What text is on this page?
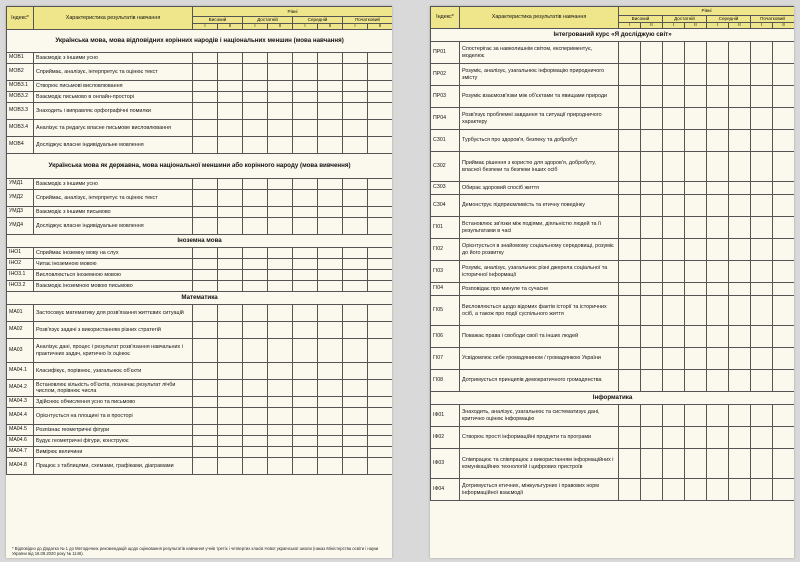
Індекс*	Характеристика результатів навчання	Рівні							
		Високий		Достатній		Середній		Початковий	
		I	II	I	II	I	II	I	II
Українська мова, мова відповідних корінних народів і національних меншин (мова навчання)									
МОВ1	Взаємодіє з іншими усно								
МОВ2	Сприймає, аналізує, інтерпретує та оцінює текст								
МОВ3.1	Створює письмові висловлювання								
МОВ3.2	Взаємодіє письмово в онлайн-просторі								
МОВ3.3	Знаходить і виправляє орфографічні помилки								
МОВ3.4	Аналізує та редагує власне письмове висловлювання								
МОВ4	Досліджує власне індивідуальне мовлення								
Українська мова як державна, мова національної меншини або корінного народу (мова вивчення)									
УМД1	Взаємодіє з іншими усно								
УМД2	Сприймає, аналізує, інтерпретує та оцінює текст								
УМД3	Взаємодіє з іншими письмово								
УМД4	Досліджує власне індивідуальне мовлення								
Іноземна мова									
ІНО1	Сприймає іноземну мову на слух								
ІНО2	Читає іноземною мовою								
ІНО3.1	Висловлюється іноземною мовою								
ІНО3.2	Взаємодіє іноземною мовою письмово								
Математика									
МА01	Застосовує математику для розв'язання життєвих ситуацій								
МА02	Розв'язує задачі з використанням різних стратегій								
МА03	Аналізує дані, процес і результат розв'язання навчальних і практичних задач, критично їх оцінює								
МА04.1	Класифікує, порівнює, узагальнює об'єкти								
МА04.2	Встановлює кількість об'єктів, позначає результат лічби числом, порівнює числа								
МА04.3	Здійснює обчислення усно та письмово								
МА04.4	Орієнтується на площині та в просторі								
МА04.5	Розпізнає геометричні фігури								
МА04.6	Будує геометричні фігури, конструює								
МА04.7	Вимірює величини								
МА04.8	Працює з таблицями, схемами, графіками, діаграмами								
* Відповідно до Додатка № 1 до Методичних рекомендацій щодо оцінювання результатів навчання учнів третіх і четвертих класів Нової української школи (наказ Міністерства освіти і науки України від 16.09.2020 року № 1146).
Індекс*	Характеристика результатів навчання	Рівні							
		Високий		Достатній		Середній		Початковий	
		I	II	I	II	I	II	I	II
Інтегрований курс «Я досліджую світ»									
ПР01	Спостерігає за навколишнім світом, експериментує, моделює								
ПР02	Розуміє, аналізує, узагальнює інформацію природничого змісту								
ПР03	Розуміє взаємозв'язки між об'єктами та явищами природи								
ПР04	Розв'язує проблемні завдання та ситуації природничого характеру								
СЗ01	Турбується про здоров'я, безпеку та добробут								
СЗ02	Приймає рішення з користю для здоров'я, добробуту, власної безпеки та безпеки інших осіб								
СЗ03	Обирає здоровий спосіб життя								
СЗ04	Демонструє підприємливість та етичну поведінку								
ГІ01	Встановлює зв'язки між подіями, діяльністю людей та її результатами в часі								
ГІ02	Орієнтується в знайомому соціальному середовищі, розуміє до його розвитку								
ГІ03	Розуміє, аналізує, узагальнює різні джерела соціальної та історичної інформації								
ГІ04	Розповідає про минуле та сучасне								
ГІ05	Висловлюється щодо відомих фактів історії та історичних осіб, а також про події суспільного життя								
ГІ06	Поважає права і свободи своїі та інших людей								
ГІ07	Усвідомлює себе громадянином / громадянкою України								
ГІ08	Дотримується принципів демократичного громадянства								
Інформатика									
ІФ01	Знаходить, аналізує, узагальнює та систематизує дані, критично оцінює інформацію								
ІФ02	Створює прості інформаційні продукти та програми								
ІФ03	Співпрацює та співпрацює з використанням інформаційних і комунікаційних технологій і цифрових пристроїв								
ІФ04	Дотримується етичних, міжкультурних і правових норм інформаційної взаємодії								
